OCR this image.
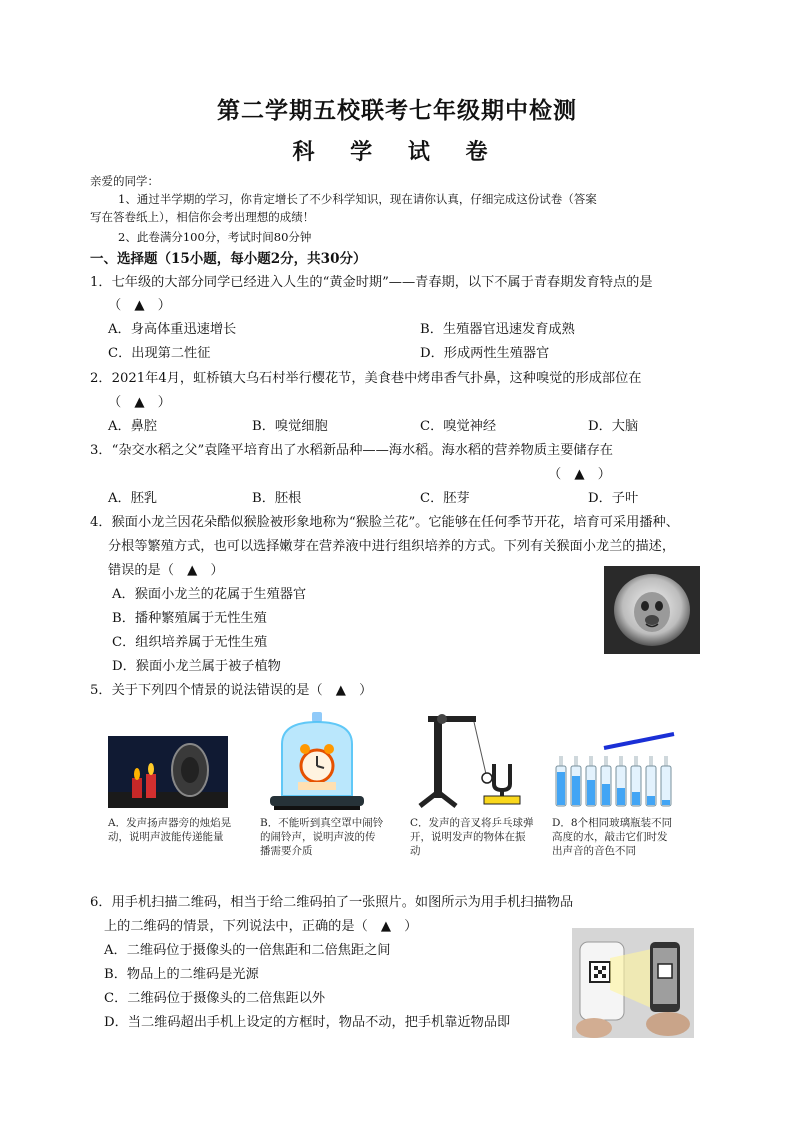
第二学期五校联考七年级期中检测
科 学 试 卷
亲爱的同学：
1、通过半学期的学习，你肯定增长了不少科学知识，现在请你认真，仔细完成这份试卷（答案
写在答卷纸上），相信你会考出理想的成绩！
2、此卷满分100分，考试时间80分钟
一、选择题（15小题，每小题2分，共30分）
1．七年级的大部分同学已经进入人生的“黄金时期”——青春期，以下不属于青春期发育特点的是
（　▲　）
A．身高体重迅速增长	B．生殖器官迅速发育成熟
C．出现第二性征	D．形成两性生殖器官
2．2021年4月，虹桥镇大乌石村举行樱花节，美食巷中烤串香气扑鼻，这种嗅觉的形成部位在
（　▲　）
A．鼻腔	B．嗅觉细胞	C．嗅觉神经	D．大脑
3．“杂交水稻之父”袁隆平培育出了水稻新品种——海水稻。海水稻的营养物质主要储存在
（　▲　）
A．胚乳	B．胚根	C．胚芽	D．子叶
4．猴面小龙兰因花朵酷似猴脸被形象地称为“猴脸兰花”。它能够在任何季节开花，培育可采用播种、
分根等繁殖方式，也可以选择嫩芽在营养液中进行组织培养的方式。下列有关猴面小龙兰的描述，
错误的是（　▲　）
A．猴面小龙兰的花属于生殖器官
B．播种繁殖属于无性生殖
C．组织培养属于无性生殖
D．猴面小龙兰属于被子植物
5．关于下列四个情景的说法错误的是（　▲　）
A．发声扬声器旁的烛焰晃动，说明声波能传递能量
B．不能听到真空罩中闹铃的闹铃声，说明声波的传播需要介质
C．发声的音叉将乒乓球弹开，说明发声的物体在振动
D．8个相同玻璃瓶装不同高度的水，敲击它们时发出声音的音色不同
6．用手机扫描二维码，相当于给二维码拍了一张照片。如图所示为用手机扫描物品
上的二维码的情景，下列说法中，正确的是（　▲　）
A．二维码位于摄像头的一倍焦距和二倍焦距之间
B．物品上的二维码是光源
C．二维码位于摄像头的二倍焦距以外
D．当二维码超出手机上设定的方框时，物品不动，把手机靠近物品即
